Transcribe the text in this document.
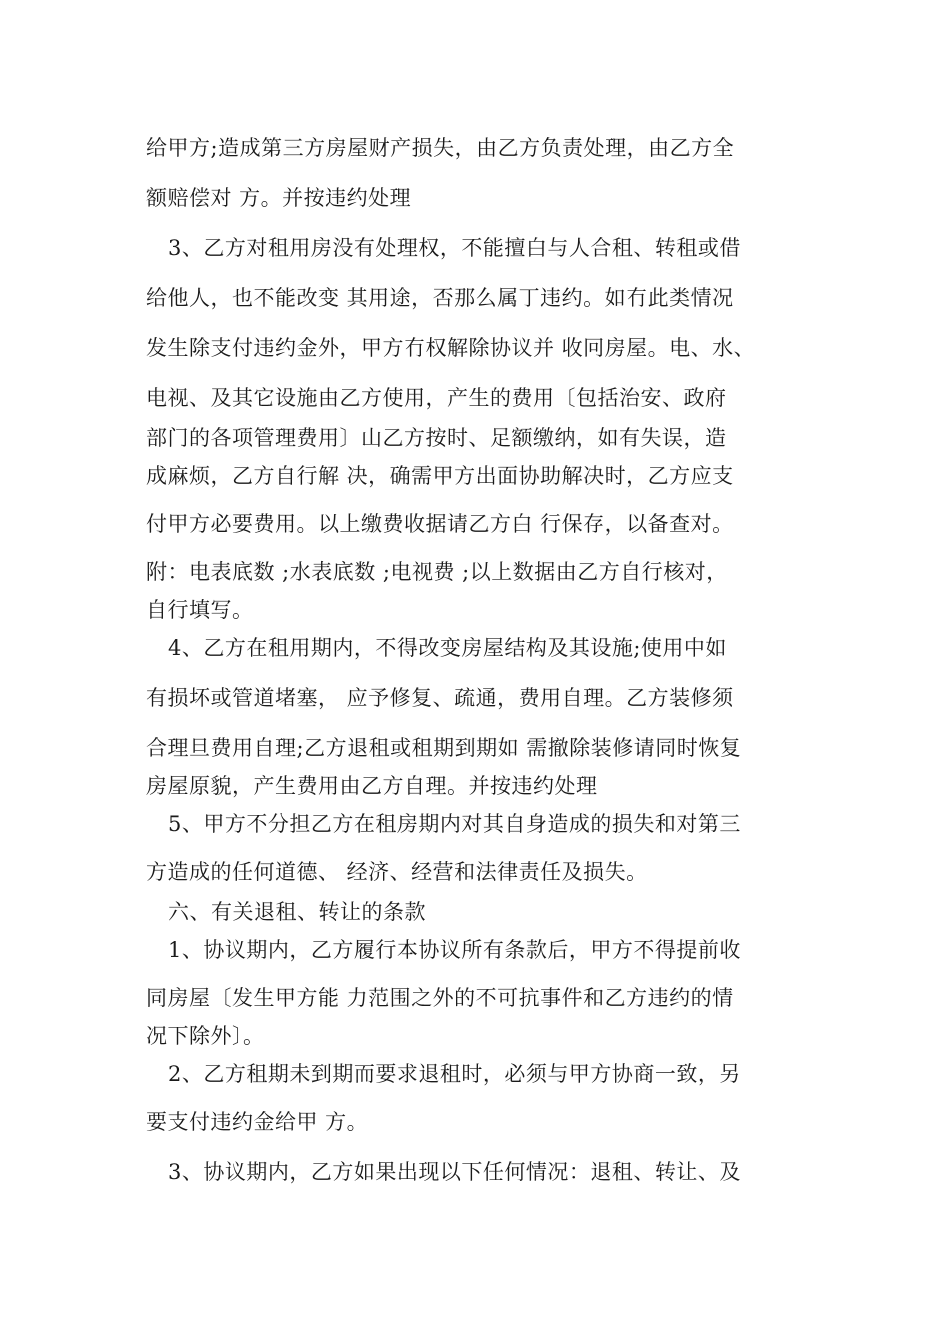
给甲方;造成第三方房屋财产损失，由乙方负责处理，由乙方全
额赔偿对 方。并按违约处理
3、乙方对租用房没有处理权，不能擅白与人合租、转租或借
给他人，也不能改变 其用途，否那么属丁违约。如冇此类情况
发生除支付违约金外，甲方冇权解除协议并 收冋房屋。电、水、
电视、及其它设施由乙方使用，产生的费用〔包括治安、政府
部门的各项管理费用〕山乙方按时、足额缴纳，如有失误，造
成麻烦，乙方自行解 决，确需甲方出面协助解决时，乙方应支
付甲方必要费用。以上缴费收据请乙方白 行保存，以备查对。
附：电表底数 ;水表底数 ;电视费 ;以上数据由乙方自行核对，
自行填写。
4、乙方在租用期内，不得改变房屋结构及其设施;使用中如
有损坏或管道堵塞， 应予修复、疏通，费用自理。乙方装修须
合理旦费用自理;乙方退租或租期到期如 需撤除装修请同时恢复
房屋原貌，产生费用由乙方自理。并按违约处理
5、甲方不分担乙方在租房期内对其自身造成的损失和对第三
方造成的任何道德、 经济、经营和法律责任及损失。
六、有关退租、转让的条款
1、协议期内，乙方履行本协议所有条款后，甲方不得提前收
同房屋〔发生甲方能 力范围之外的不可抗事件和乙方违约的情
况下除外〕。
2、乙方租期未到期而要求退租时，必须与甲方协商一致，另
要支付违约金给甲 方。
3、协议期内，乙方如果出现以下任何情况：退租、转让、及
